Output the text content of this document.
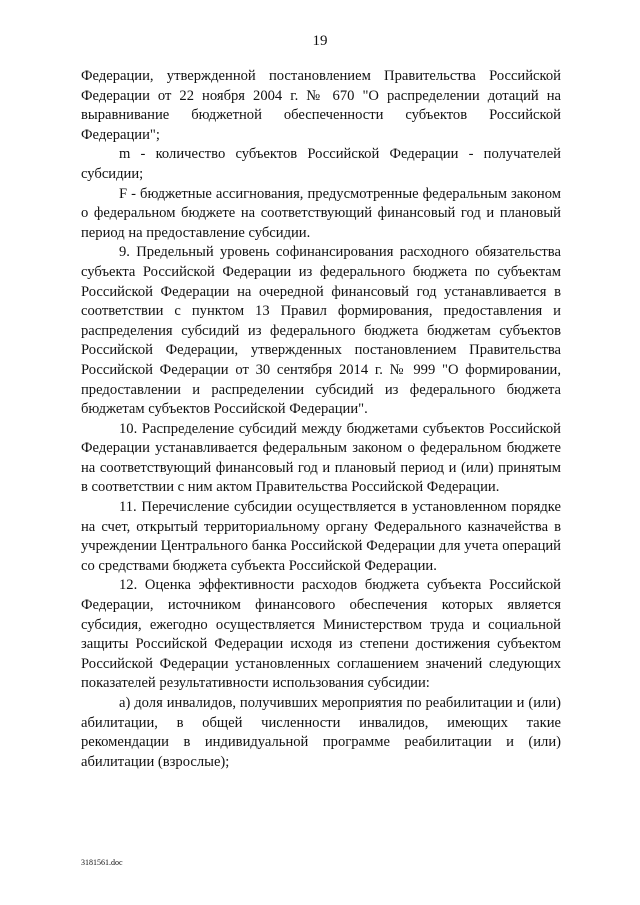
19

Федерации, утвержденной постановлением Правительства Российской Федерации от 22 ноября 2004 г. № 670 "О распределении дотаций на выравнивание бюджетной обеспеченности субъектов Российской Федерации";

m - количество субъектов Российской Федерации - получателей субсидии;

F - бюджетные ассигнования, предусмотренные федеральным законом о федеральном бюджете на соответствующий финансовый год и плановый период на предоставление субсидии.

9. Предельный уровень софинансирования расходного обязательства субъекта Российской Федерации из федерального бюджета по субъектам Российской Федерации на очередной финансовый год устанавливается в соответствии с пунктом 13 Правил формирования, предоставления и распределения субсидий из федерального бюджета бюджетам субъектов Российской Федерации, утвержденных постановлением Правительства Российской Федерации от 30 сентября 2014 г. № 999 "О формировании, предоставлении и распределении субсидий из федерального бюджета бюджетам субъектов Российской Федерации".

10. Распределение субсидий между бюджетами субъектов Российской Федерации устанавливается федеральным законом о федеральном бюджете на соответствующий финансовый год и плановый период и (или) принятым в соответствии с ним актом Правительства Российской Федерации.

11. Перечисление субсидии осуществляется в установленном порядке на счет, открытый территориальному органу Федерального казначейства в учреждении Центрального банка Российской Федерации для учета операций со средствами бюджета субъекта Российской Федерации.

12. Оценка эффективности расходов бюджета субъекта Российской Федерации, источником финансового обеспечения которых является субсидия, ежегодно осуществляется Министерством труда и социальной защиты Российской Федерации исходя из степени достижения субъектом Российской Федерации установленных соглашением значений следующих показателей результативности использования субсидии:

а) доля инвалидов, получивших мероприятия по реабилитации и (или) абилитации, в общей численности инвалидов, имеющих такие рекомендации в индивидуальной программе реабилитации и (или) абилитации (взрослые);

3181561.doc
